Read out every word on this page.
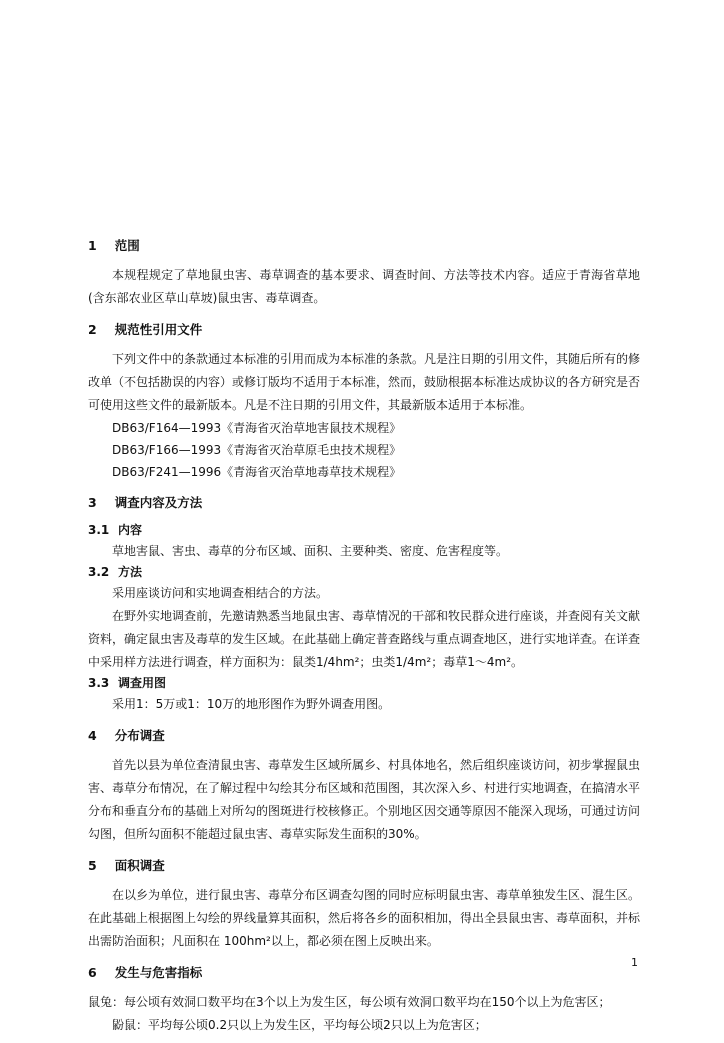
1 范围

本规程规定了草地鼠虫害、毒草调查的基本要求、调查时间、方法等技术内容。适应于青海省草地(含东部农业区草山草坡)鼠虫害、毒草调查。

2 规范性引用文件

下列文件中的条款通过本标准的引用而成为本标准的条款。凡是注日期的引用文件，其随后所有的修改单（不包括勘误的内容）或修订版均不适用于本标准，然而，鼓励根据本标准达成协议的各方研究是否可使用这些文件的最新版本。凡是不注日期的引用文件，其最新版本适用于本标准。

DB63/F164—1993《青海省灭治草地害鼠技术规程》

DB63/F166—1993《青海省灭治草原毛虫技术规程》

DB63/F241—1996《青海省灭治草地毒草技术规程》

3 调查内容及方法
3.1 内容

草地害鼠、害虫、毒草的分布区域、面积、主要种类、密度、危害程度等。

3.2 方法

采用座谈访问和实地调查相结合的方法。

在野外实地调查前，先邀请熟悉当地鼠虫害、毒草情况的干部和牧民群众进行座谈，并查阅有关文献资料，确定鼠虫害及毒草的发生区域。在此基础上确定普查路线与重点调查地区，进行实地详查。在详查中采用样方法进行调查，样方面积为：鼠类1/4hm²；虫类1/4m²；毒草1～4m²。

3.3 调查用图

采用1：5万或1：10万的地形图作为野外调查用图。

4 分布调查

首先以县为单位查清鼠虫害、毒草发生区域所属乡、村具体地名，然后组织座谈访问，初步掌握鼠虫害、毒草分布情况，在了解过程中勾绘其分布区域和范围图，其次深入乡、村进行实地调查，在搞清水平分布和垂直分布的基础上对所勾的图斑进行校核修正。个别地区因交通等原因不能深入现场，可通过访问勾图，但所勾面积不能超过鼠虫害、毒草实际发生面积的30%。

5 面积调查

在以乡为单位，进行鼠虫害、毒草分布区调查勾图的同时应标明鼠虫害、毒草单独发生区、混生区。在此基础上根据图上勾绘的界线量算其面积，然后将各乡的面积相加，得出全县鼠虫害、毒草面积，并标出需防治面积；凡面积在 100hm²以上，都必须在图上反映出来。

6 发生与危害指标

鼠兔：每公顷有效洞口数平均在3个以上为发生区，每公顷有效洞口数平均在150个以上为危害区；

鼢鼠：平均每公顷0.2只以上为发生区，平均每公顷2只以上为危害区；

1
